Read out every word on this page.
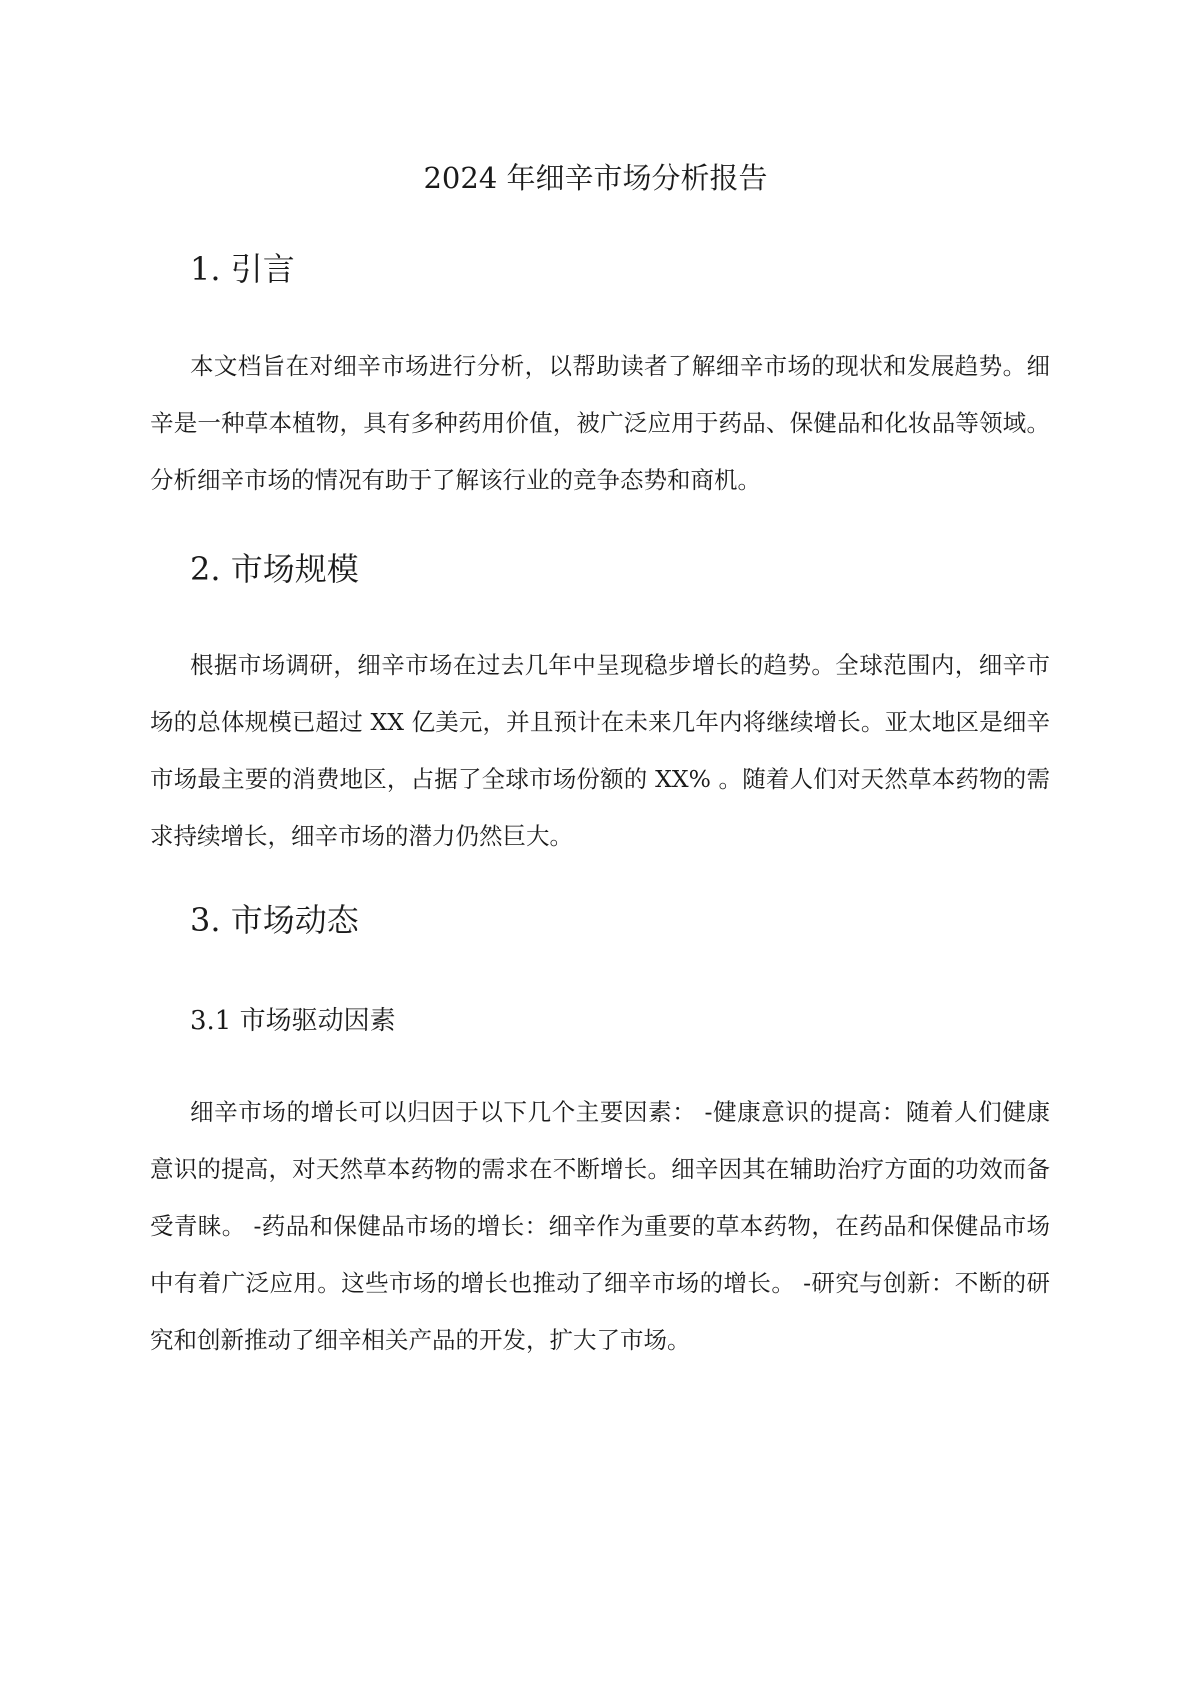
2024 年细辛市场分析报告
1. 引言

本文档旨在对细辛市场进行分析，以帮助读者了解细辛市场的现状和发展趋势。细辛是一种草本植物，具有多种药用价值，被广泛应用于药品、保健品和化妆品等领域。分析细辛市场的情况有助于了解该行业的竞争态势和商机。

2. 市场规模

根据市场调研，细辛市场在过去几年中呈现稳步增长的趋势。全球范围内，细辛市场的总体规模已超过 XX 亿美元，并且预计在未来几年内将继续增长。亚太地区是细辛市场最主要的消费地区，占据了全球市场份额的 XX% 。随着人们对天然草本药物的需求持续增长，细辛市场的潜力仍然巨大。

3. 市场动态
3.1 市场驱动因素

细辛市场的增长可以归因于以下几个主要因素： -健康意识的提高：随着人们健康意识的提高，对天然草本药物的需求在不断增长。细辛因其在辅助治疗方面的功效而备受青睐。 -药品和保健品市场的增长：细辛作为重要的草本药物，在药品和保健品市场中有着广泛应用。这些市场的增长也推动了细辛市场的增长。 -研究与创新：不断的研究和创新推动了细辛相关产品的开发，扩大了市场。
